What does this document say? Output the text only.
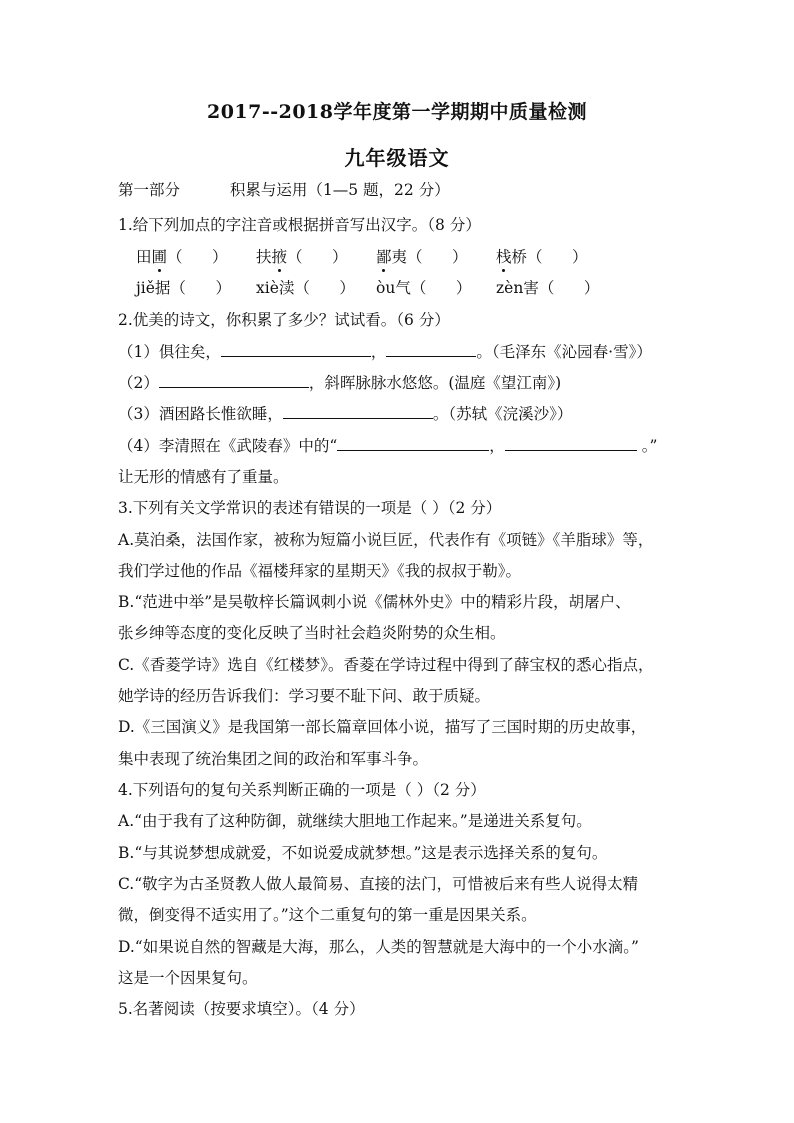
2017--2018学年度第一学期期中质量检测
九年级语文
第一部分	积累与运用（1—5 题，22 分）
1.给下列加点的字注音或根据拼音写出汉字。（8 分）
田圃（      ） 扶掖（      ） 鄙夷（      ） 栈桥（      ）
jiě据（      ） xiè渎（      ） òu气（      ） zèn害（      ）
2.优美的诗文，你积累了多少？试试看。（6 分）
（1）俱往矣，	，	。（毛泽东《沁园春·雪》）
（2）	，斜晖脉脉水悠悠。(温庭《望江南》)
（3）酒困路长惟欲睡，	。（苏轼《浣溪沙》）
（4）李清照在《武陵春》中的“	，	。”
让无形的情感有了重量。
3.下列有关文学常识的表述有错误的一项是（ ）（2 分）
A.莫泊桑，法国作家，被称为短篇小说巨匠，代表作有《项链》《羊脂球》等，
我们学过他的作品《福楼拜家的星期天》《我的叔叔于勒》。
B.“范进中举”是吴敬梓长篇讽刺小说《儒林外史》中的精彩片段，胡屠户、
张乡绅等态度的变化反映了当时社会趋炎附势的众生相。
C.《香菱学诗》选自《红楼梦》。香菱在学诗过程中得到了薛宝权的悉心指点，
她学诗的经历告诉我们：学习要不耻下问、敢于质疑。
D.《三国演义》是我国第一部长篇章回体小说，描写了三国时期的历史故事，
集中表现了统治集团之间的政治和军事斗争。
4.下列语句的复句关系判断正确的一项是（ ）（2 分）
A.“由于我有了这种防御，就继续大胆地工作起来。”是递进关系复句。
B.“与其说梦想成就爱，不如说爱成就梦想。”这是表示选择关系的复句。
C.“敬字为古圣贤教人做人最简易、直接的法门，可惜被后来有些人说得太精
微，倒变得不适实用了。”这个二重复句的第一重是因果关系。
D.“如果说自然的智藏是大海，那么，人类的智慧就是大海中的一个小水滴。”
这是一个因果复句。
5.名著阅读（按要求填空）。（4 分）
